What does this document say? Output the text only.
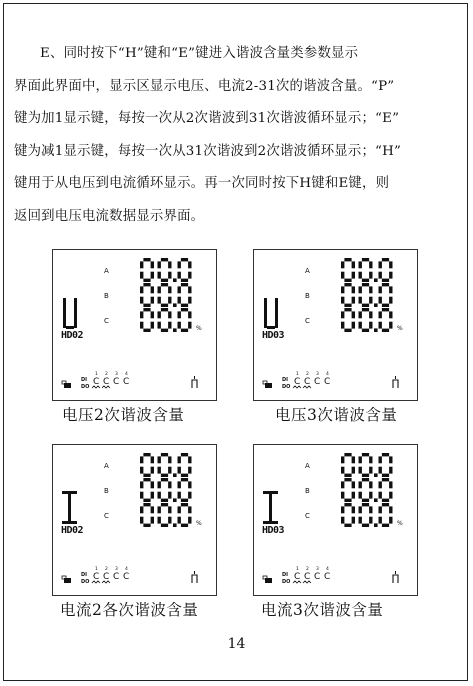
E、同时按下“H”键和“E”键进入谐波含量类参数显示
界面此界面中，显示区显示电压、电流2-31次的谐波含量。“P”
键为加1显示键，每按一次从2次谐波到31次谐波循环显示；“E”
键为减1显示键，每按一次从31次谐波到2次谐波循环显示；“H”
键用于从电压到电流循环显示。再一次同时按下H键和E键，则
返回到电压电流数据显示界面。
HD02
A
B
C
%
DI
DO
1
C
2
C
3
C
4
C
电压2次谐波含量
HD03
A
B
C
%
DI
DO
1
C
2
C
3
C
4
C
电压3次谐波含量
HD02
A
B
C
%
DI
DO
1
C
2
C
3
C
4
C
电流2各次谐波含量
HD03
A
B
C
%
DI
DO
1
C
2
C
3
C
4
C
电流3次谐波含量
14
